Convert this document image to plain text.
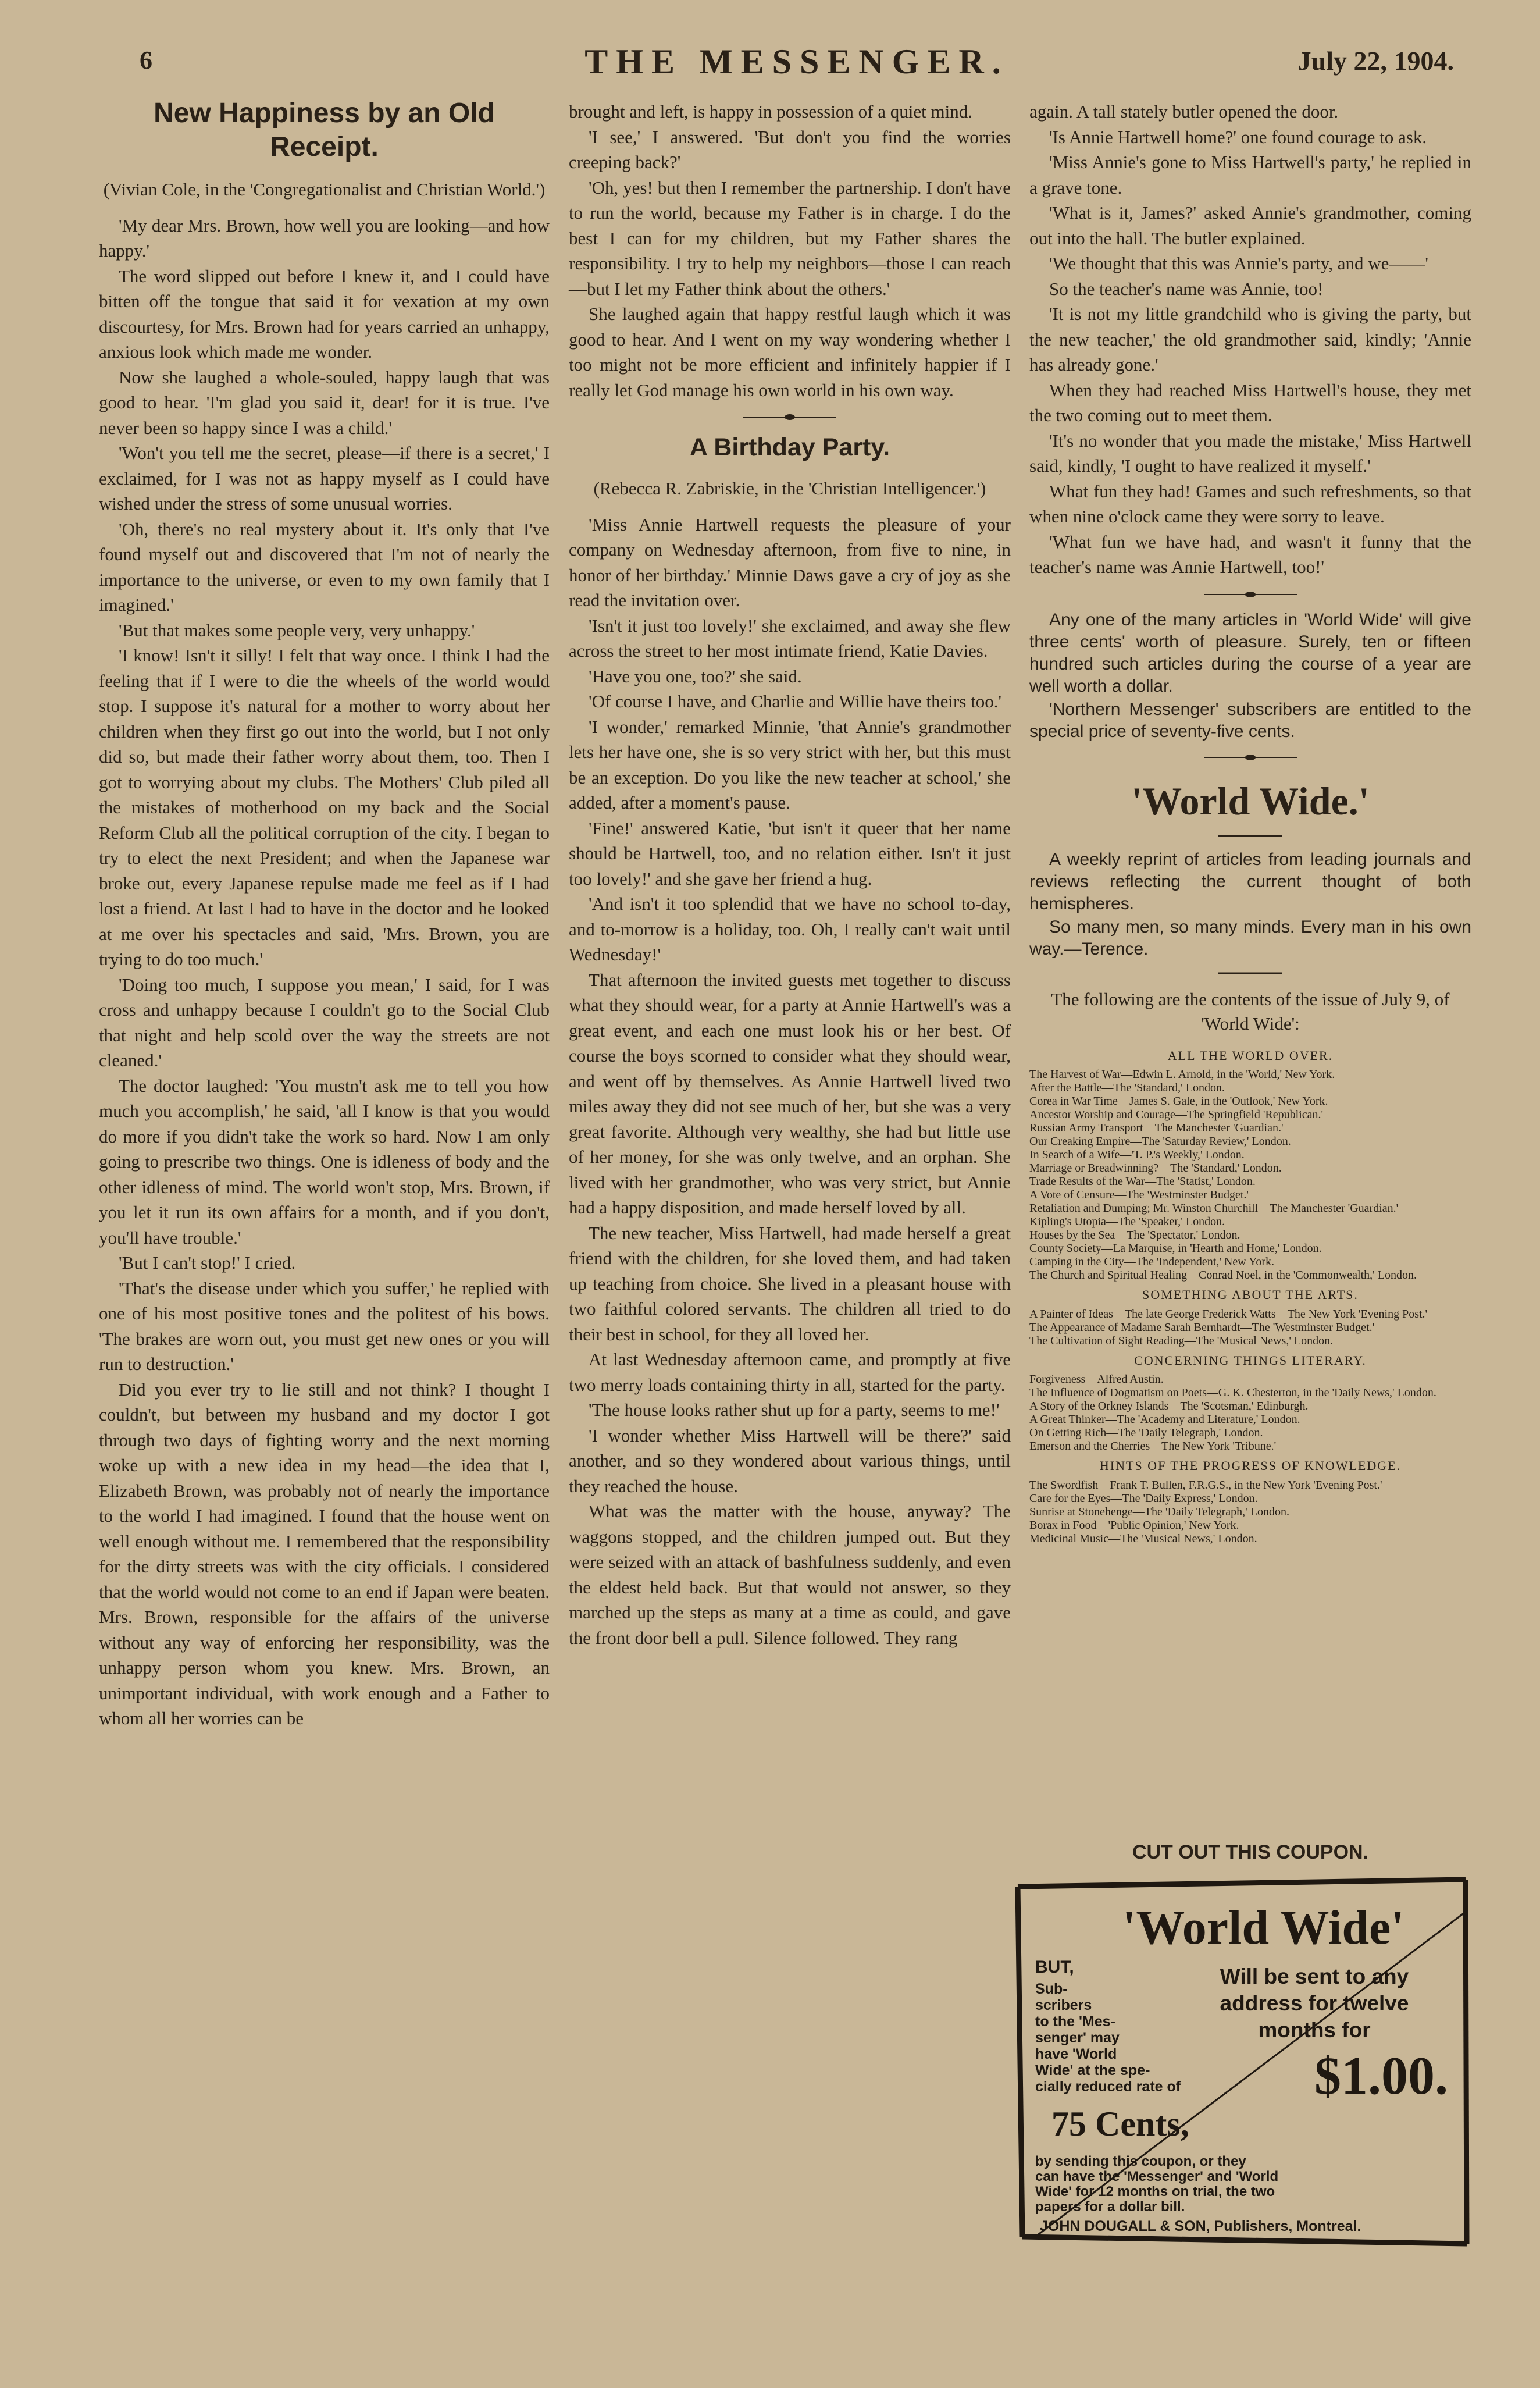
6	THE MESSENGER.	July 22, 1904.
New Happiness by an Old Receipt.

(Vivian Cole, in the 'Congregationalist and Christian World.')

'My dear Mrs. Brown, how well you are looking—and how happy.'

The word slipped out before I knew it, and I could have bitten off the tongue that said it for vexation at my own discourtesy, for Mrs. Brown had for years carried an unhappy, anxious look which made me wonder.

Now she laughed a whole-souled, happy laugh that was good to hear. 'I'm glad you said it, dear! for it is true. I've never been so happy since I was a child.'

'Won't you tell me the secret, please—if there is a secret,' I exclaimed, for I was not as happy myself as I could have wished under the stress of some unusual worries.

'Oh, there's no real mystery about it. It's only that I've found myself out and discovered that I'm not of nearly the importance to the universe, or even to my own family that I imagined.'

'But that makes some people very, very unhappy.'

'I know! Isn't it silly! I felt that way once. I think I had the feeling that if I were to die the wheels of the world would stop. I suppose it's natural for a mother to worry about her children when they first go out into the world, but I not only did so, but made their father worry about them, too. Then I got to worrying about my clubs. The Mothers' Club piled all the mistakes of motherhood on my back and the Social Reform Club all the political corruption of the city. I began to try to elect the next President; and when the Japanese war broke out, every Japanese repulse made me feel as if I had lost a friend. At last I had to have in the doctor and he looked at me over his spectacles and said, 'Mrs. Brown, you are trying to do too much.'

'Doing too much, I suppose you mean,' I said, for I was cross and unhappy because I couldn't go to the Social Club that night and help scold over the way the streets are not cleaned.'

The doctor laughed: 'You mustn't ask me to tell you how much you accomplish,' he said, 'all I know is that you would do more if you didn't take the work so hard. Now I am only going to prescribe two things. One is idleness of body and the other idleness of mind. The world won't stop, Mrs. Brown, if you let it run its own affairs for a month, and if you don't, you'll have trouble.'

'But I can't stop!' I cried.

'That's the disease under which you suffer,' he replied with one of his most positive tones and the politest of his bows. 'The brakes are worn out, you must get new ones or you will run to destruction.'

Did you ever try to lie still and not think? I thought I couldn't, but between my husband and my doctor I got through two days of fighting worry and the next morning woke up with a new idea in my head—the idea that I, Elizabeth Brown, was probably not of nearly the importance to the world I had imagined. I found that the house went on well enough without me. I remembered that the responsibility for the dirty streets was with the city officials. I considered that the world would not come to an end if Japan were beaten. Mrs. Brown, responsible for the affairs of the universe without any way of enforcing her responsibility, was the unhappy person whom you knew. Mrs. Brown, an unimportant individual, with work enough and a Father to whom all her worries can be

brought and left, is happy in possession of a quiet mind.

'I see,' I answered. 'But don't you find the worries creeping back?'

'Oh, yes! but then I remember the partnership. I don't have to run the world, because my Father is in charge. I do the best I can for my children, but my Father shares the responsibility. I try to help my neighbors—those I can reach—but I let my Father think about the others.'

She laughed again that happy restful laugh which it was good to hear. And I went on my way wondering whether I too might not be more efficient and infinitely happier if I really let God manage his own world in his own way.

A Birthday Party.

(Rebecca R. Zabriskie, in the 'Christian Intelligencer.')

'Miss Annie Hartwell requests the pleasure of your company on Wednesday afternoon, from five to nine, in honor of her birthday.' Minnie Daws gave a cry of joy as she read the invitation over.

'Isn't it just too lovely!' she exclaimed, and away she flew across the street to her most intimate friend, Katie Davies.

'Have you one, too?' she said.

'Of course I have, and Charlie and Willie have theirs too.'

'I wonder,' remarked Minnie, 'that Annie's grandmother lets her have one, she is so very strict with her, but this must be an exception. Do you like the new teacher at school,' she added, after a moment's pause.

'Fine!' answered Katie, 'but isn't it queer that her name should be Hartwell, too, and no relation either. Isn't it just too lovely!' and she gave her friend a hug.

'And isn't it too splendid that we have no school to-day, and to-morrow is a holiday, too. Oh, I really can't wait until Wednesday!'

That afternoon the invited guests met together to discuss what they should wear, for a party at Annie Hartwell's was a great event, and each one must look his or her best. Of course the boys scorned to consider what they should wear, and went off by themselves. As Annie Hartwell lived two miles away they did not see much of her, but she was a very great favorite. Although very wealthy, she had but little use of her money, for she was only twelve, and an orphan. She lived with her grandmother, who was very strict, but Annie had a happy disposition, and made herself loved by all.

The new teacher, Miss Hartwell, had made herself a great friend with the children, for she loved them, and had taken up teaching from choice. She lived in a pleasant house with two faithful colored servants. The children all tried to do their best in school, for they all loved her.

At last Wednesday afternoon came, and promptly at five two merry loads containing thirty in all, started for the party.

'The house looks rather shut up for a party, seems to me!'

'I wonder whether Miss Hartwell will be there?' said another, and so they wondered about various things, until they reached the house.

What was the matter with the house, anyway? The waggons stopped, and the children jumped out. But they were seized with an attack of bashfulness suddenly, and even the eldest held back. But that would not answer, so they marched up the steps as many at a time as could, and gave the front door bell a pull. Silence followed. They rang

again. A tall stately butler opened the door.

'Is Annie Hartwell home?' one found courage to ask.

'Miss Annie's gone to Miss Hartwell's party,' he replied in a grave tone.

'What is it, James?' asked Annie's grandmother, coming out into the hall. The butler explained.

'We thought that this was Annie's party, and we——'

So the teacher's name was Annie, too!

'It is not my little grandchild who is giving the party, but the new teacher,' the old grandmother said, kindly; 'Annie has already gone.'

When they had reached Miss Hartwell's house, they met the two coming out to meet them.

'It's no wonder that you made the mistake,' Miss Hartwell said, kindly, 'I ought to have realized it myself.'

What fun they had! Games and such refreshments, so that when nine o'clock came they were sorry to leave.

'What fun we have had, and wasn't it funny that the teacher's name was Annie Hartwell, too!'

Any one of the many articles in 'World Wide' will give three cents' worth of pleasure. Surely, ten or fifteen hundred such articles during the course of a year are well worth a dollar.

'Northern Messenger' subscribers are entitled to the special price of seventy-five cents.

'World Wide.'

A weekly reprint of articles from leading journals and reviews reflecting the current thought of both hemispheres.

So many men, so many minds. Every man in his own way.—Terence.

The following are the contents of the issue of July 9, of 'World Wide':

ALL THE WORLD OVER.

The Harvest of War—Edwin L. Arnold, in the 'World,' New York.

After the Battle—The 'Standard,' London.

Corea in War Time—James S. Gale, in the 'Outlook,' New York.

Ancestor Worship and Courage—The Springfield 'Republican.'

Russian Army Transport—The Manchester 'Guardian.'

Our Creaking Empire—The 'Saturday Review,' London.

In Search of a Wife—'T. P.'s Weekly,' London.

Marriage or Breadwinning?—The 'Standard,' London.

Trade Results of the War—The 'Statist,' London.

A Vote of Censure—The 'Westminster Budget.'

Retaliation and Dumping; Mr. Winston Churchill—The Manchester 'Guardian.'

Kipling's Utopia—The 'Speaker,' London.

Houses by the Sea—The 'Spectator,' London.

County Society—La Marquise, in 'Hearth and Home,' London.

Camping in the City—The 'Independent,' New York.

The Church and Spiritual Healing—Conrad Noel, in the 'Commonwealth,' London.

SOMETHING ABOUT THE ARTS.

A Painter of Ideas—The late George Frederick Watts—The New York 'Evening Post.'

The Appearance of Madame Sarah Bernhardt—The 'Westminster Budget.'

The Cultivation of Sight Reading—The 'Musical News,' London.

CONCERNING THINGS LITERARY.

Forgiveness—Alfred Austin.

The Influence of Dogmatism on Poets—G. K. Chesterton, in the 'Daily News,' London.

A Story of the Orkney Islands—The 'Scotsman,' Edinburgh.

A Great Thinker—The 'Academy and Literature,' London.

On Getting Rich—The 'Daily Telegraph,' London.

Emerson and the Cherries—The New York 'Tribune.'

HINTS OF THE PROGRESS OF KNOWLEDGE.

The Swordfish—Frank T. Bullen, F.R.G.S., in the New York 'Evening Post.'

Care for the Eyes—The 'Daily Express,' London.

Sunrise at Stonehenge—The 'Daily Telegraph,' London.

Borax in Food—'Public Opinion,' New York.

Medicinal Music—The 'Musical News,' London.

CUT OUT THIS COUPON.
'World Wide'
BUT,
Sub-
scribers
to the 'Mes-
senger' may
have 'World
Wide' at the spe-
cially reduced rate of
Will be sent to any
address for twelve
months for
$1.00.
75 Cents,
by sending this coupon, or they
can have the 'Messenger' and 'World
Wide' for 12 months on trial, the two
papers for a dollar bill.
JOHN DOUGALL & SON, Publishers, Montreal.
